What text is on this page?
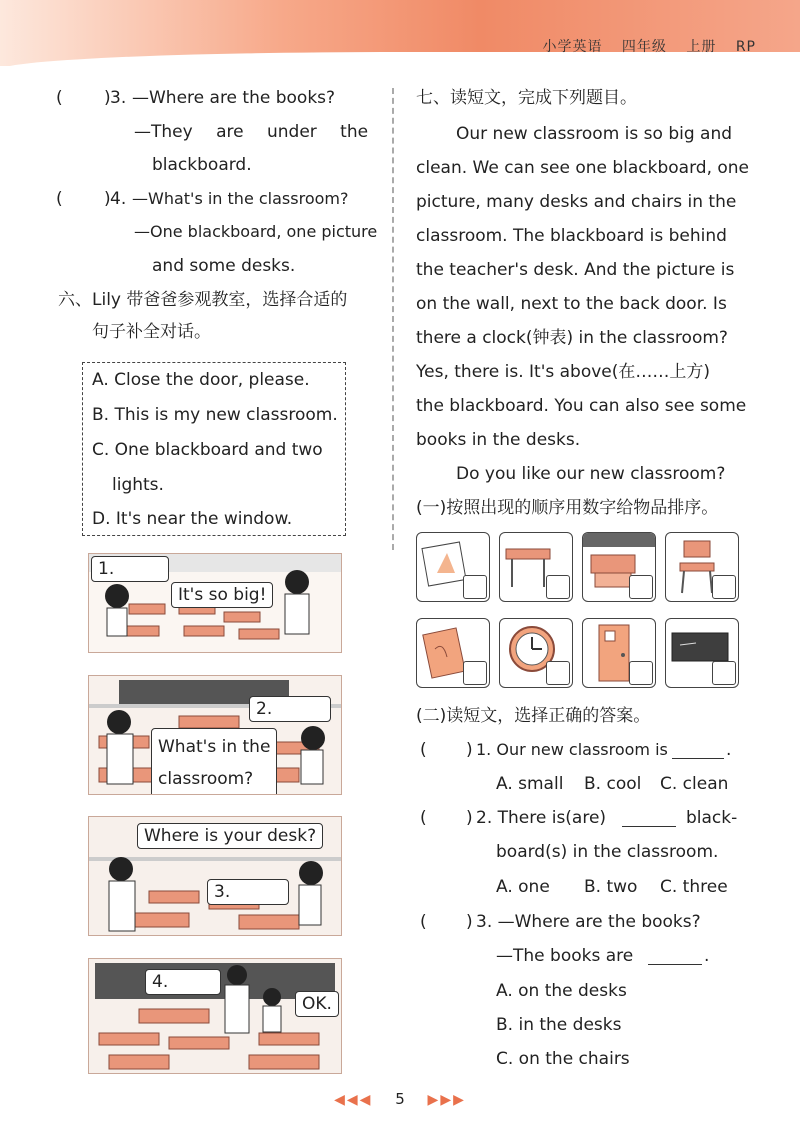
小学英语 四年级 上册 RP
( ) 3. —Where are the books?
—They are under the
blackboard.
( ) 4. —What's in the classroom?
—One blackboard, one picture
and some desks.
六、Lily 带爸爸参观教室，选择合适的
句子补全对话。
A. Close the door, please.
B. This is my new classroom.
C. One blackboard and two
lights.
D. It's near the window.
1.
It's so big!
2.
What's in the
classroom?
Where is your desk?
3.
4.
OK.
七、读短文，完成下列题目。
Our new classroom is so big and
clean. We can see one blackboard, one
picture, many desks and chairs in the
classroom. The blackboard is behind
the teacher's desk. And the picture is
on the wall, next to the back door. Is
there a clock(钟表) in the classroom?
Yes, there is. It's above(在……上方)
the blackboard. You can also see some
books in the desks.
Do you like our new classroom?
(一)按照出现的顺序用数字给物品排序。
(二)读短文，选择正确的答案。
( ) 1. Our new classroom is	.
A. small B. cool C. clean
( ) 2. There is(are)	black-
board(s) in the classroom.
A. one B. two C. three
( ) 3. —Where are the books?
—The books are	.
A. on the desks
B. in the desks
C. on the chairs
◀◀◀ 5 ▶▶▶
